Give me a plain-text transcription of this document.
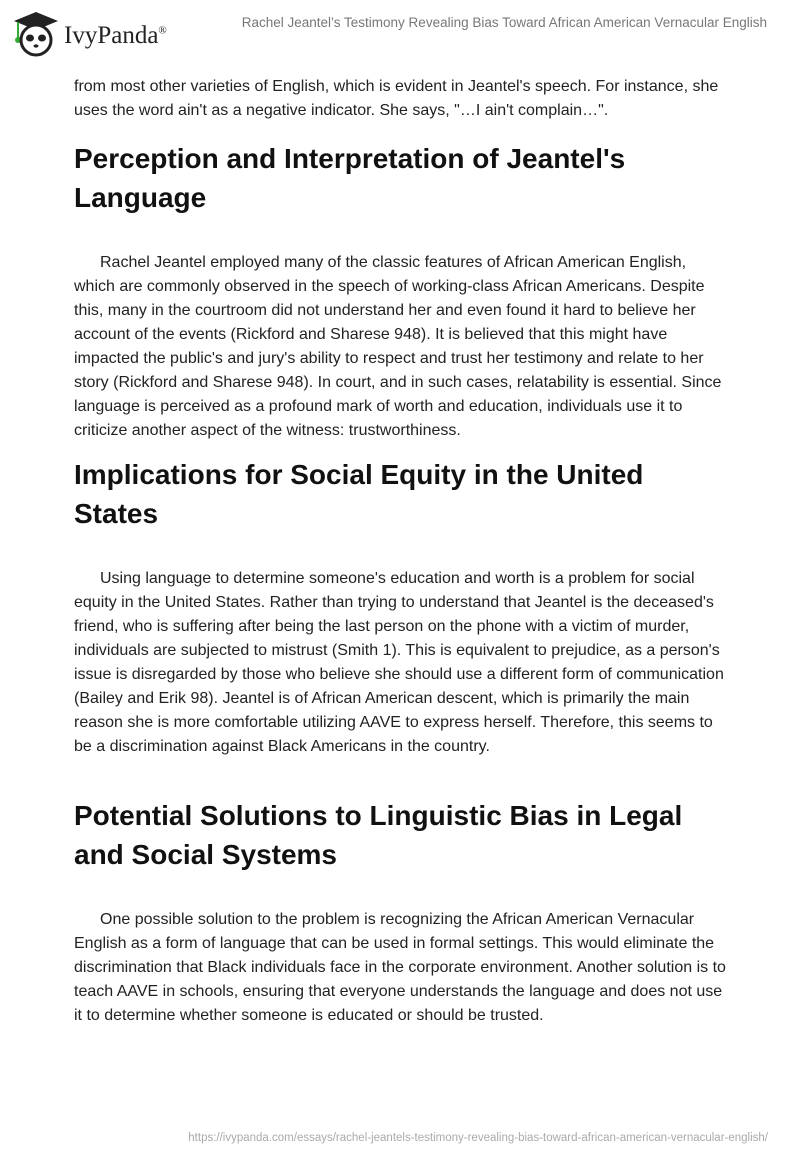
IvyPanda®
Rachel Jeantel’s Testimony Revealing Bias Toward African American Vernacular English

from most other varieties of English, which is evident in Jeantel's speech. For instance, she uses the word ain't as a negative indicator. She says, "…I ain't complain…".

Perception and Interpretation of Jeantel's Language

Rachel Jeantel employed many of the classic features of African American English, which are commonly observed in the speech of working-class African Americans. Despite this, many in the courtroom did not understand her and even found it hard to believe her account of the events (Rickford and Sharese 948). It is believed that this might have impacted the public's and jury's ability to respect and trust her testimony and relate to her story (Rickford and Sharese 948). In court, and in such cases, relatability is essential. Since language is perceived as a profound mark of worth and education, individuals use it to criticize another aspect of the witness: trustworthiness.

Implications for Social Equity in the United States

Using language to determine someone's education and worth is a problem for social equity in the United States. Rather than trying to understand that Jeantel is the deceased's friend, who is suffering after being the last person on the phone with a victim of murder, individuals are subjected to mistrust (Smith 1). This is equivalent to prejudice, as a person's issue is disregarded by those who believe she should use a different form of communication (Bailey and Erik 98). Jeantel is of African American descent, which is primarily the main reason she is more comfortable utilizing AAVE to express herself. Therefore, this seems to be a discrimination against Black Americans in the country.

Potential Solutions to Linguistic Bias in Legal and Social Systems

One possible solution to the problem is recognizing the African American Vernacular English as a form of language that can be used in formal settings. This would eliminate the discrimination that Black individuals face in the corporate environment. Another solution is to teach AAVE in schools, ensuring that everyone understands the language and does not use it to determine whether someone is educated or should be trusted.

https://ivypanda.com/essays/rachel-jeantels-testimony-revealing-bias-toward-african-american-vernacular-english/
